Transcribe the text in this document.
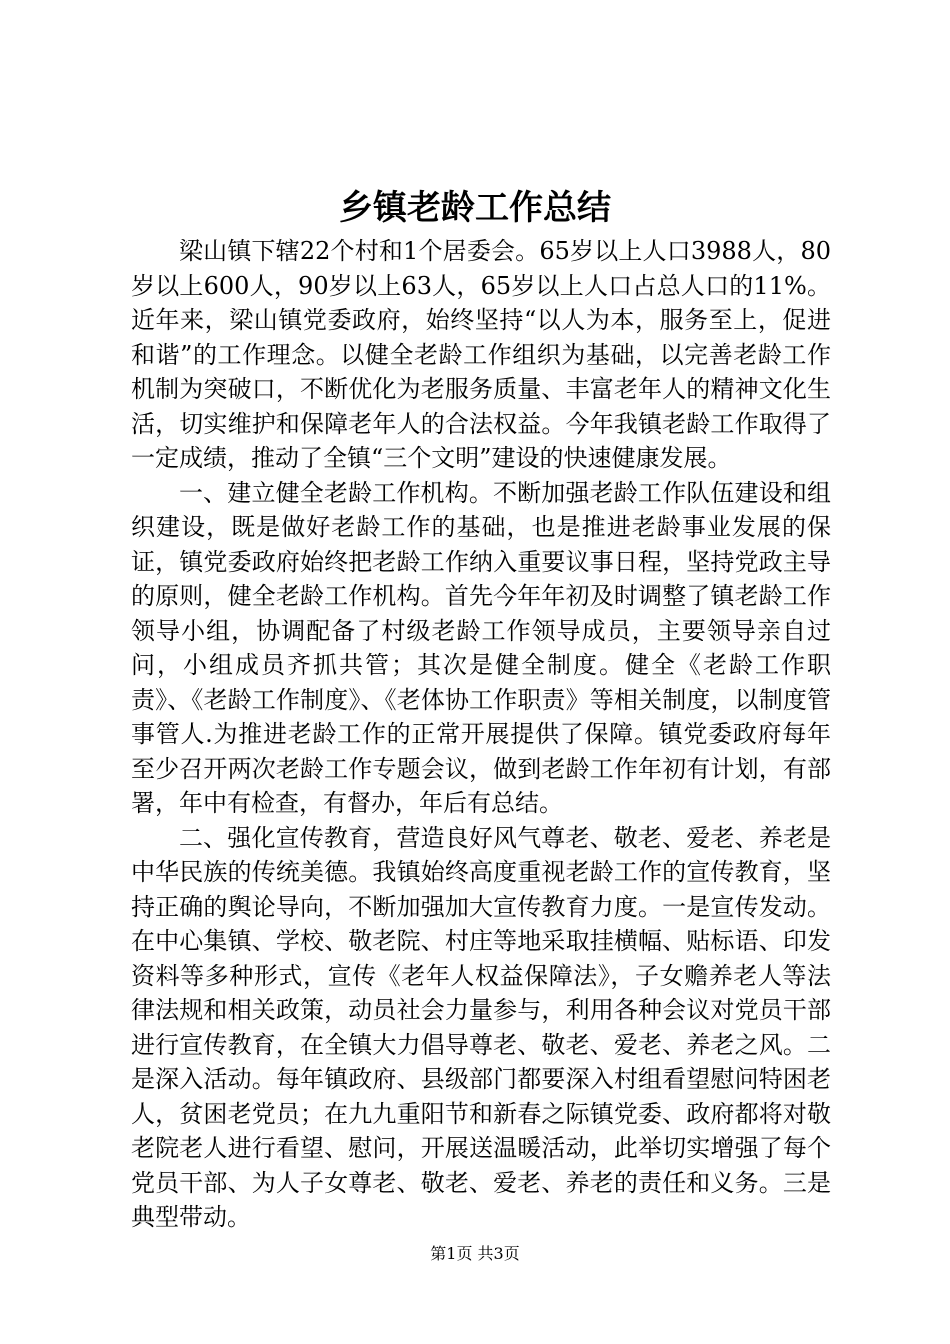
乡镇老龄工作总结

梁山镇下辖22个村和1个居委会。65岁以上人口3988人，80岁以上600人，90岁以上63人，65岁以上人口占总人口的11%。近年来，梁山镇党委政府，始终坚持“以人为本，服务至上，促进和谐”的工作理念。以健全老龄工作组织为基础，以完善老龄工作机制为突破口，不断优化为老服务质量、丰富老年人的精神文化生活，切实维护和保障老年人的合法权益。今年我镇老龄工作取得了一定成绩，推动了全镇“三个文明”建设的快速健康发展。

一、建立健全老龄工作机构。不断加强老龄工作队伍建设和组织建设，既是做好老龄工作的基础，也是推进老龄事业发展的保证，镇党委政府始终把老龄工作纳入重要议事日程，坚持党政主导的原则，健全老龄工作机构。首先今年年初及时调整了镇老龄工作领导小组，协调配备了村级老龄工作领导成员，主要领导亲自过问，小组成员齐抓共管；其次是健全制度。健全《老龄工作职责》、《老龄工作制度》、《老体协工作职责》等相关制度，以制度管事管人.为推进老龄工作的正常开展提供了保障。镇党委政府每年至少召开两次老龄工作专题会议，做到老龄工作年初有计划，有部署，年中有检查，有督办，年后有总结。

二、强化宣传教育，营造良好风气尊老、敬老、爱老、养老是中华民族的传统美德。我镇始终高度重视老龄工作的宣传教育，坚持正确的舆论导向，不断加强加大宣传教育力度。一是宣传发动。在中心集镇、学校、敬老院、村庄等地采取挂横幅、贴标语、印发资料等多种形式，宣传《老年人权益保障法》，子女赡养老人等法律法规和相关政策，动员社会力量参与，利用各种会议对党员干部进行宣传教育，在全镇大力倡导尊老、敬老、爱老、养老之风。二是深入活动。每年镇政府、县级部门都要深入村组看望慰问特困老人，贫困老党员；在九九重阳节和新春之际镇党委、政府都将对敬老院老人进行看望、慰问，开展送温暖活动，此举切实增强了每个党员干部、为人子女尊老、敬老、爱老、养老的责任和义务。三是典型带动。

第1页 共3页
